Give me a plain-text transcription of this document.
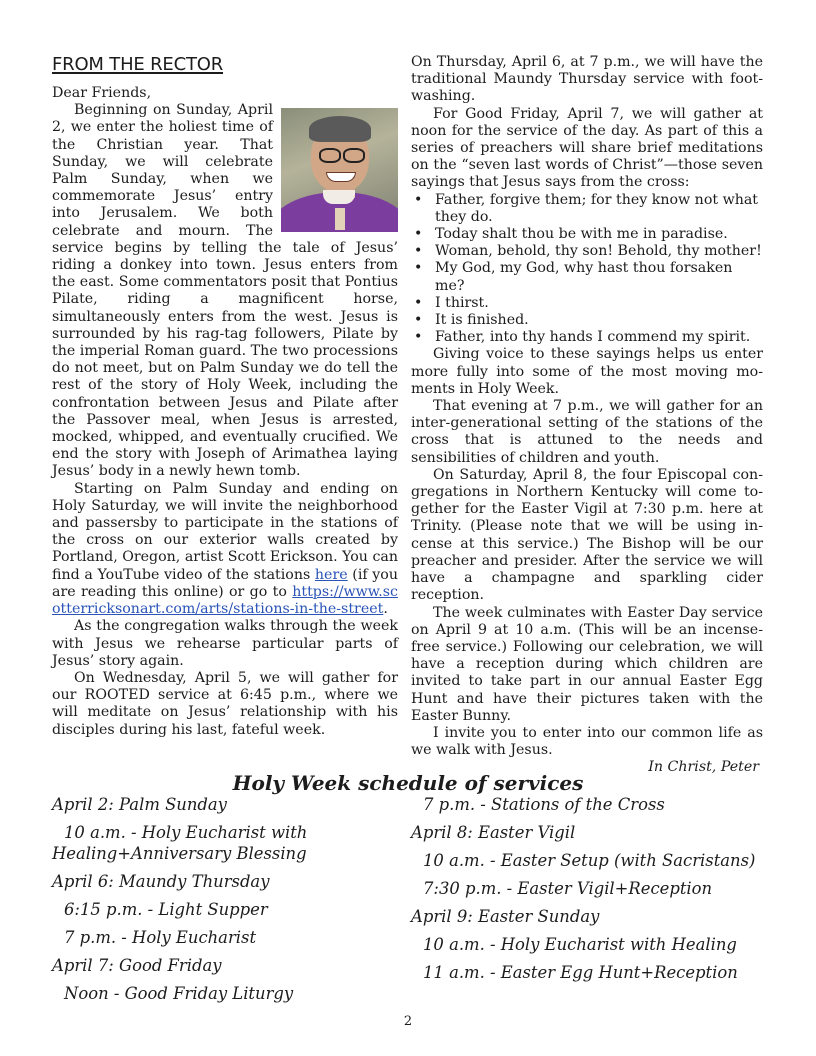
FROM THE RECTOR

Dear Friends,

Beginning on Sunday, April 2, we enter the holiest time of the Christian year. That Sunday, we will celebrate Palm Sunday, when we commemorate Jesus’ entry into Jerusalem. We both celebrate and mourn. The service begins by telling the tale of Jesus’ riding a donkey into town. Jesus enters from the east. Some commentators posit that Pontius Pilate, riding a magnificent horse, simultaneously enters from the west. Jesus is surrounded by his rag-tag followers, Pilate by the imperial Roman guard. The two processions do not meet, but on Palm Sunday we do tell the rest of the story of Holy Week, including the confrontation between Jesus and Pilate after the Passover meal, when Jesus is arrested, mocked, whipped, and eventually crucified. We end the story with Joseph of Arimathea laying Jesus’ body in a newly hewn tomb.

Starting on Palm Sunday and ending on Holy Saturday, we will invite the neighborhood and passersby to participate in the stations of the cross on our exterior walls created by Portland, Oregon, artist Scott Erickson. You can find a YouTube video of the stations here (if you are reading this online) or go to https://www.scotterricksonart.com/arts/stations-in-the-street.

As the congregation walks through the week with Jesus we rehearse particular parts of Jesus’ story again.

On Wednesday, April 5, we will gather for our ROOTED service at 6:45 p.m., where we will meditate on Jesus’ relationship with his disciples during his last, fateful week.

On Thursday, April 6, at 7 p.m., we will have the traditional Maundy Thursday service with foot-washing.

For Good Friday, April 7, we will gather at noon for the service of the day. As part of this a series of preachers will share brief meditations on the “seven last words of Christ”—those seven sayings that Jesus says from the cross:

• Father, forgive them; for they know not what they do.
• Today shalt thou be with me in paradise.
• Woman, behold, thy son! Behold, thy mother!
• My God, my God, why hast thou forsaken me?
• I thirst.
• It is finished.
• Father, into thy hands I commend my spirit.

Giving voice to these sayings helps us enter more fully into some of the most moving moments in Holy Week.

That evening at 7 p.m., we will gather for an inter-generational setting of the stations of the cross that is attuned to the needs and sensibilities of children and youth.

On Saturday, April 8, the four Episcopal congregations in Northern Kentucky will come together for the Easter Vigil at 7:30 p.m. here at Trinity. (Please note that we will be using incense at this service.) The Bishop will be our preacher and presider. After the service we will have a champagne and sparkling cider reception.

The week culminates with Easter Day service on April 9 at 10 a.m. (This will be an incense-free service.) Following our celebration, we will have a reception during which children are invited to take part in our annual Easter Egg Hunt and have their pictures taken with the Easter Bunny.

I invite you to enter into our common life as we walk with Jesus.

In Christ, Peter

Holy Week schedule of services
April 2: Palm Sunday
10 a.m. - Holy Eucharist with Healing+Anniversary Blessing
April 6: Maundy Thursday
6:15 p.m. - Light Supper
7 p.m. - Holy Eucharist
April 7: Good Friday
Noon - Good Friday Liturgy
7 p.m. - Stations of the Cross
April 8: Easter Vigil
10 a.m. - Easter Setup (with Sacristans)
7:30 p.m. - Easter Vigil+Reception
April 9: Easter Sunday
10 a.m. - Holy Eucharist with Healing
11 a.m. - Easter Egg Hunt+Reception
2
